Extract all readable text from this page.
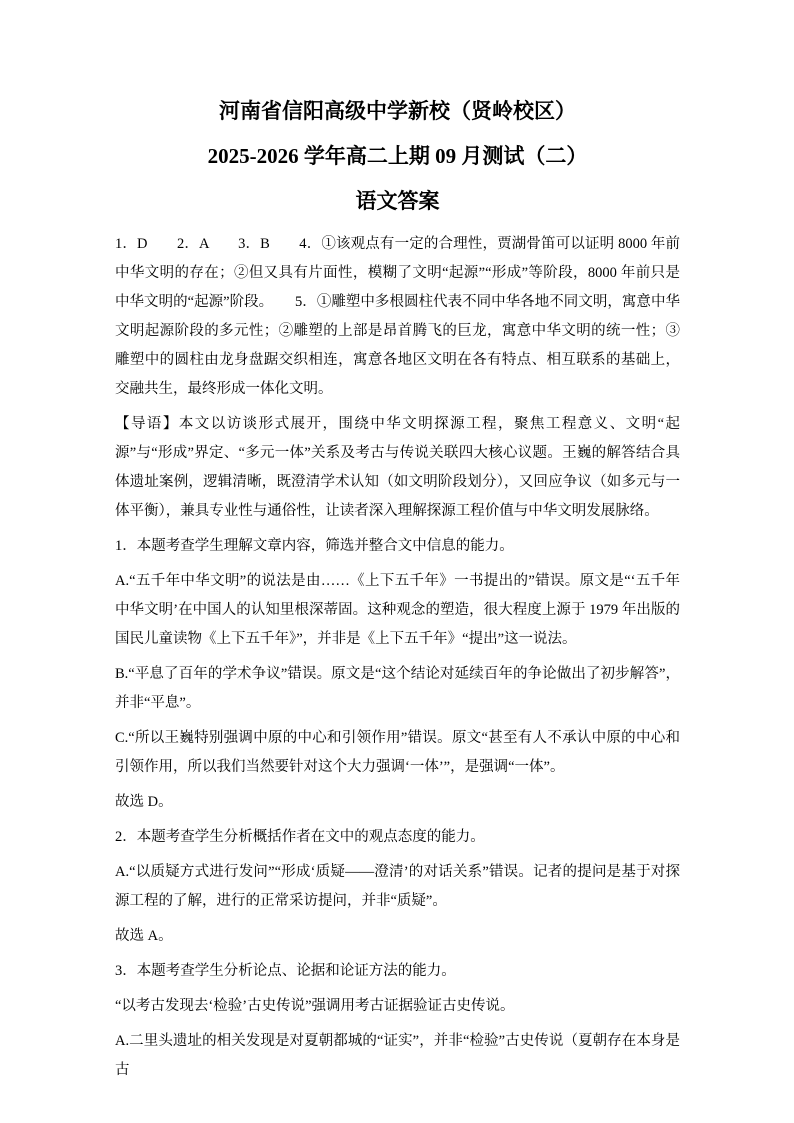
河南省信阳高级中学新校（贤岭校区）
2025-2026 学年高二上期 09 月测试（二）
语文答案

1．D　　2．A　　3．B　　4．①该观点有一定的合理性，贾湖骨笛可以证明 8000 年前中华文明的存在；②但又具有片面性，模糊了文明“起源”“形成”等阶段，8000 年前只是中华文明的“起源”阶段。　　5．①雕塑中多根圆柱代表不同中华各地不同文明，寓意中华文明起源阶段的多元性；②雕塑的上部是昂首腾飞的巨龙，寓意中华文明的统一性；③雕塑中的圆柱由龙身盘踞交织相连，寓意各地区文明在各有特点、相互联系的基础上，交融共生，最终形成一体化文明。

【导语】本文以访谈形式展开，围绕中华文明探源工程，聚焦工程意义、文明“起源”与“形成”界定、“多元一体”关系及考古与传说关联四大核心议题。王巍的解答结合具体遗址案例，逻辑清晰，既澄清学术认知（如文明阶段划分），又回应争议（如多元与一体平衡），兼具专业性与通俗性，让读者深入理解探源工程价值与中华文明发展脉络。

1．本题考查学生理解文章内容，筛选并整合文中信息的能力。

A.“五千年中华文明”的说法是由……《上下五千年》一书提出的”错误。原文是“‘五千年中华文明’在中国人的认知里根深蒂固。这种观念的塑造，很大程度上源于 1979 年出版的国民儿童读物《上下五千年》”，并非是《上下五千年》“提出”这一说法。

B.“平息了百年的学术争议”错误。原文是“这个结论对延续百年的争论做出了初步解答”，并非“平息”。

C.“所以王巍特别强调中原的中心和引领作用”错误。原文“甚至有人不承认中原的中心和引领作用，所以我们当然要针对这个大力强调‘一体’”，是强调“一体”。

故选 D。

2．本题考查学生分析概括作者在文中的观点态度的能力。

A.“以质疑方式进行发问”“形成‘质疑——澄清’的对话关系”错误。记者的提问是基于对探源工程的了解，进行的正常采访提问，并非“质疑”。

故选 A。

3．本题考查学生分析论点、论据和论证方法的能力。

“以考古发现去‘检验’古史传说”强调用考古证据验证古史传说。

A.二里头遗址的相关发现是对夏朝都城的“证实”，并非“检验”古史传说（夏朝存在本身是古
